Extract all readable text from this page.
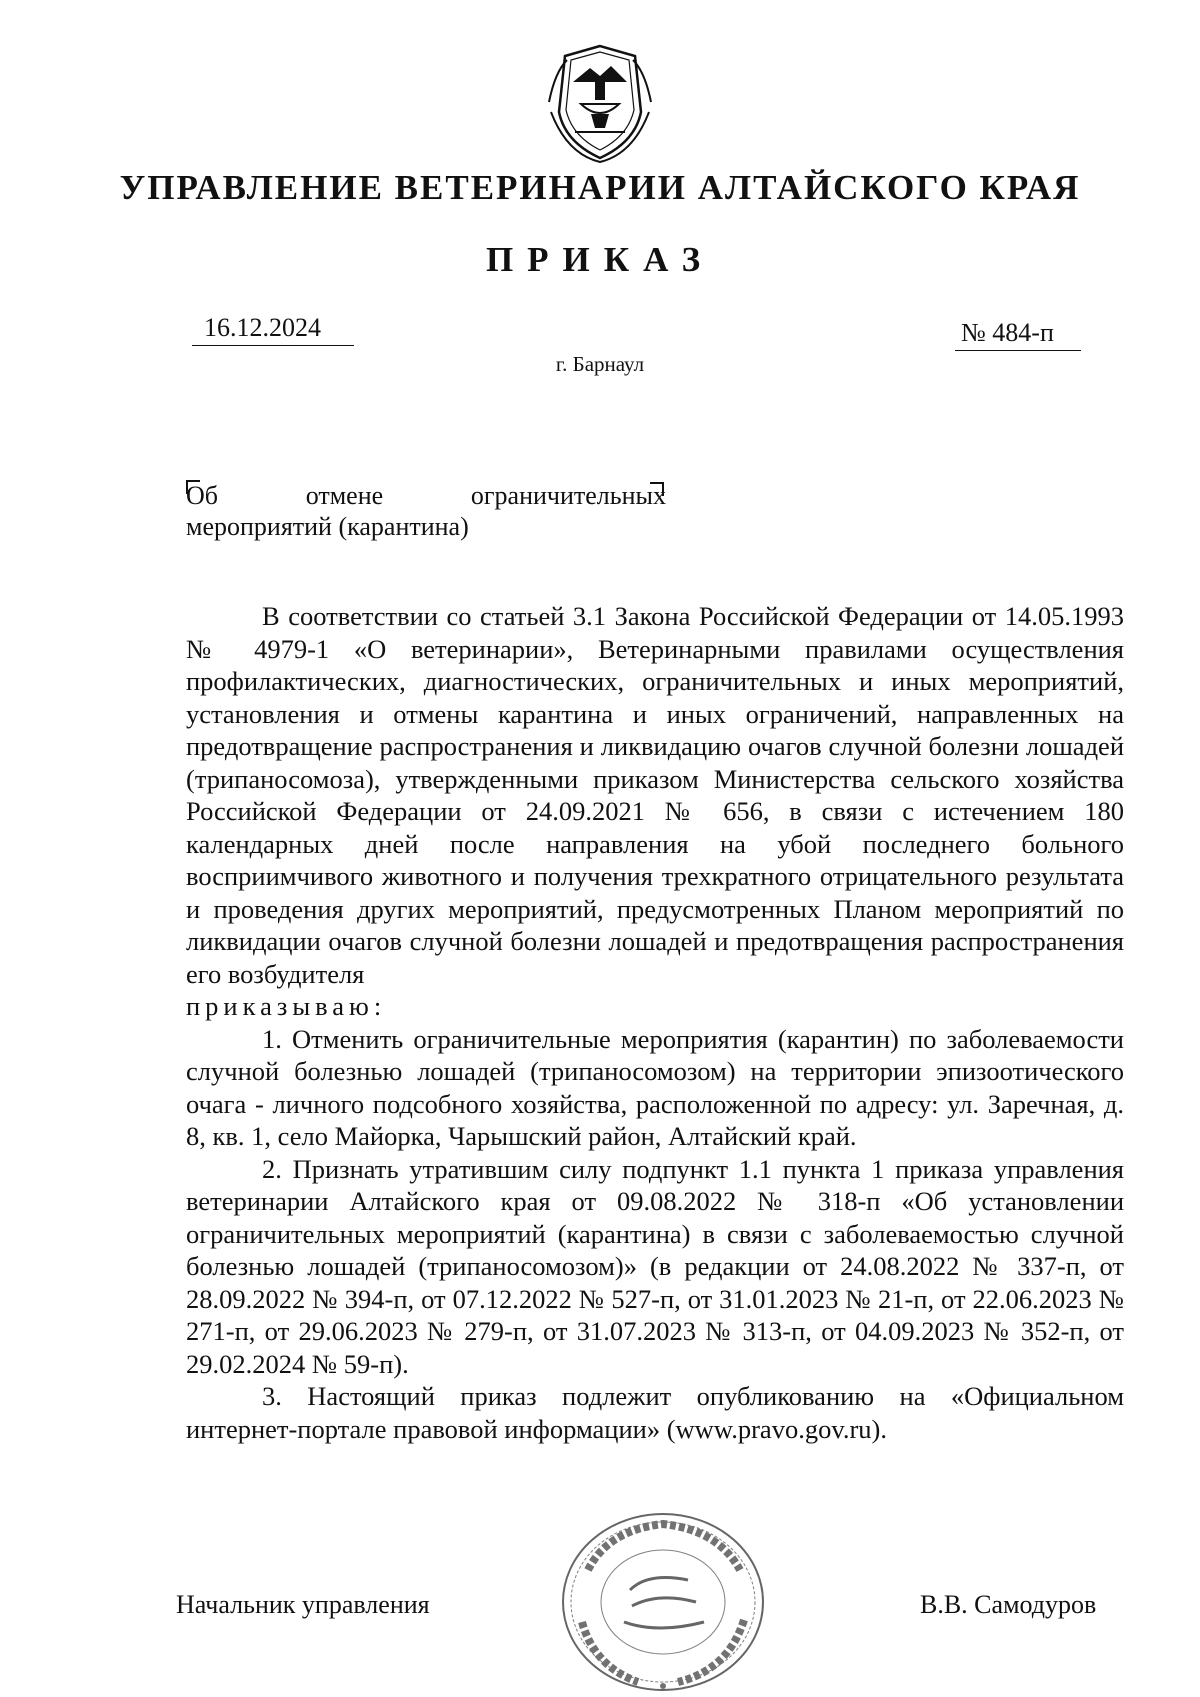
УПРАВЛЕНИЕ ВЕТЕРИНАРИИ АЛТАЙСКОГО КРАЯ
ПРИКАЗ
16.12.2024	№ 484-п
г. Барнаул
Об	отмене	ограничительных
мероприятий (карантина)

В соответствии со статьей 3.1 Закона Российской Федерации от 14.05.1993 № 4979-1 «О ветеринарии», Ветеринарными правилами осуществления профилактических, диагностических, ограничительных и иных мероприятий, установления и отмены карантина и иных ограничений, направленных на предотвращение распространения и ликвидацию очагов случной болезни лошадей (трипаносомоза), утвержденными приказом Министерства сельского хозяйства Российской Федерации от 24.09.2021 № 656, в связи с истечением 180 календарных дней после направления на убой последнего больного восприимчивого животного и получения трехкратного отрицательного результата и проведения других мероприятий, предусмотренных Планом мероприятий по ликвидации очагов случной болезни лошадей и предотвращения распространения его возбудителя

приказываю:

1. Отменить ограничительные мероприятия (карантин) по заболеваемости случной болезнью лошадей (трипаносомозом) на территории эпизоотического очага - личного подсобного хозяйства, расположенной по адресу: ул. Заречная, д. 8, кв. 1, село Майорка, Чарышский район, Алтайский край.

2. Признать утратившим силу подпункт 1.1 пункта 1 приказа управления ветеринарии Алтайского края от 09.08.2022 № 318-п «Об установлении ограничительных мероприятий (карантина) в связи с заболеваемостью случной болезнью лошадей (трипаносомозом)» (в редакции от 24.08.2022 № 337-п, от 28.09.2022 № 394-п, от 07.12.2022 № 527-п, от 31.01.2023 № 21-п, от 22.06.2023 № 271-п, от 29.06.2023 № 279-п, от 31.07.2023 № 313-п, от 04.09.2023 № 352-п, от 29.02.2024 № 59-п).

3. Настоящий приказ подлежит опубликованию на «Официальном интернет-портале правовой информации» (www.pravo.gov.ru).

Начальник управления	В.В. Самодуров
